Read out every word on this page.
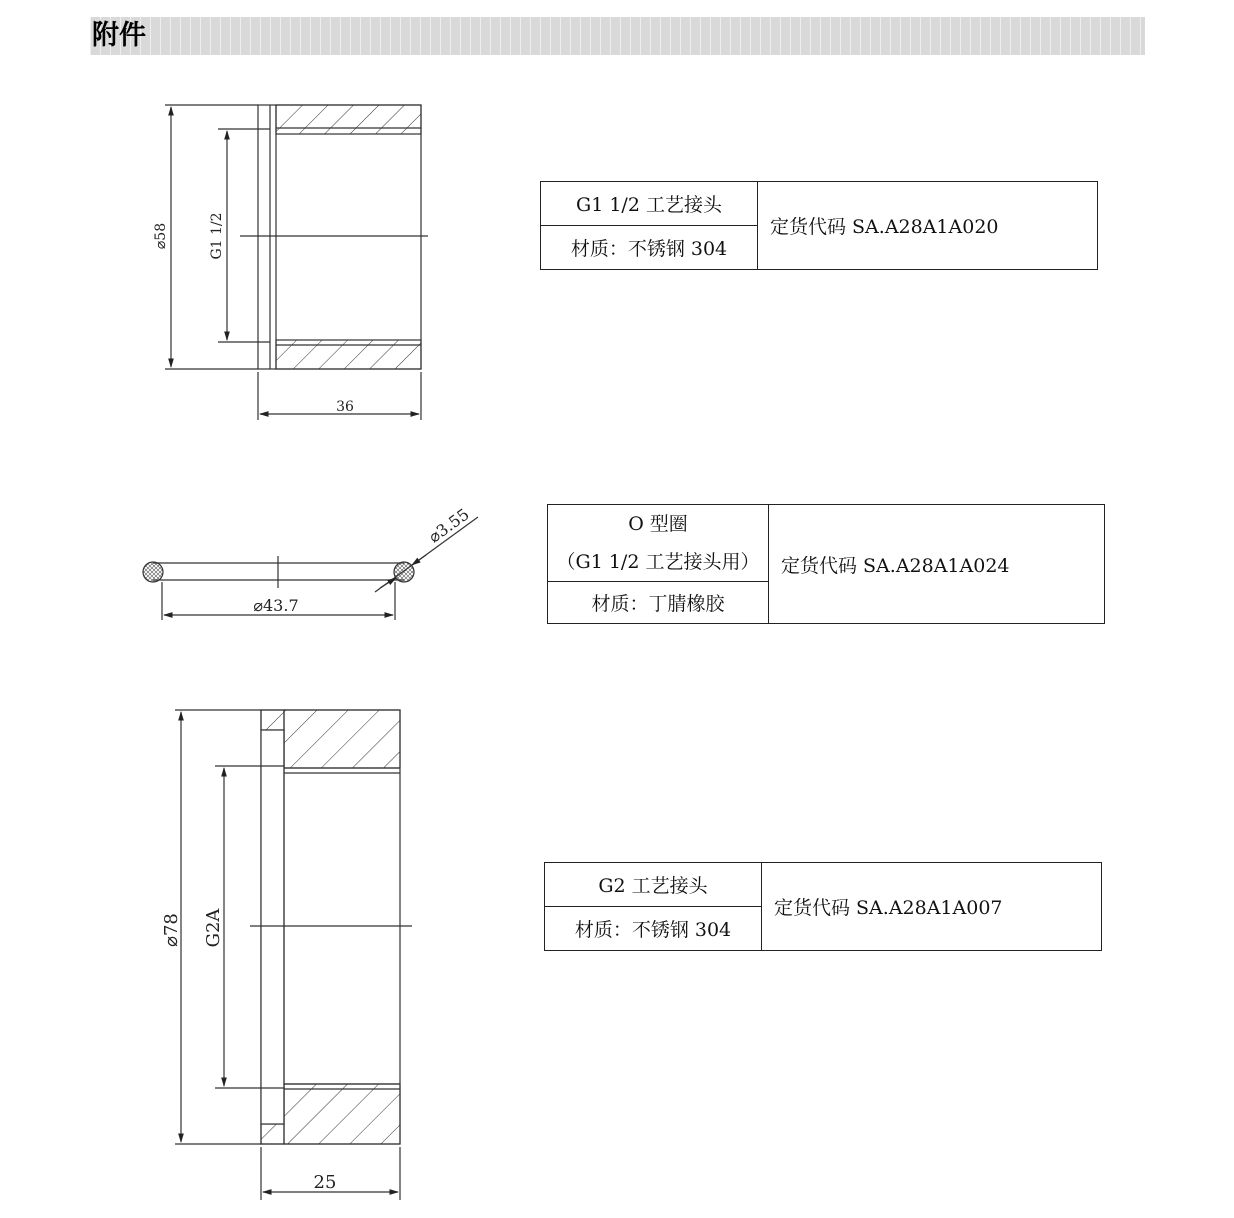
附件
⌀58	G1 1/2
36
⌀3.55
⌀43.7
⌀78 G2A
25
G1 1/2 工艺接头	定货代码 SA.A28A1A020
材质：不锈钢 304
O 型圈
（G1 1/2 工艺接头用）	定货代码 SA.A28A1A024
材质：丁腈橡胶
G2 工艺接头	定货代码 SA.A28A1A007
材质：不锈钢 304
